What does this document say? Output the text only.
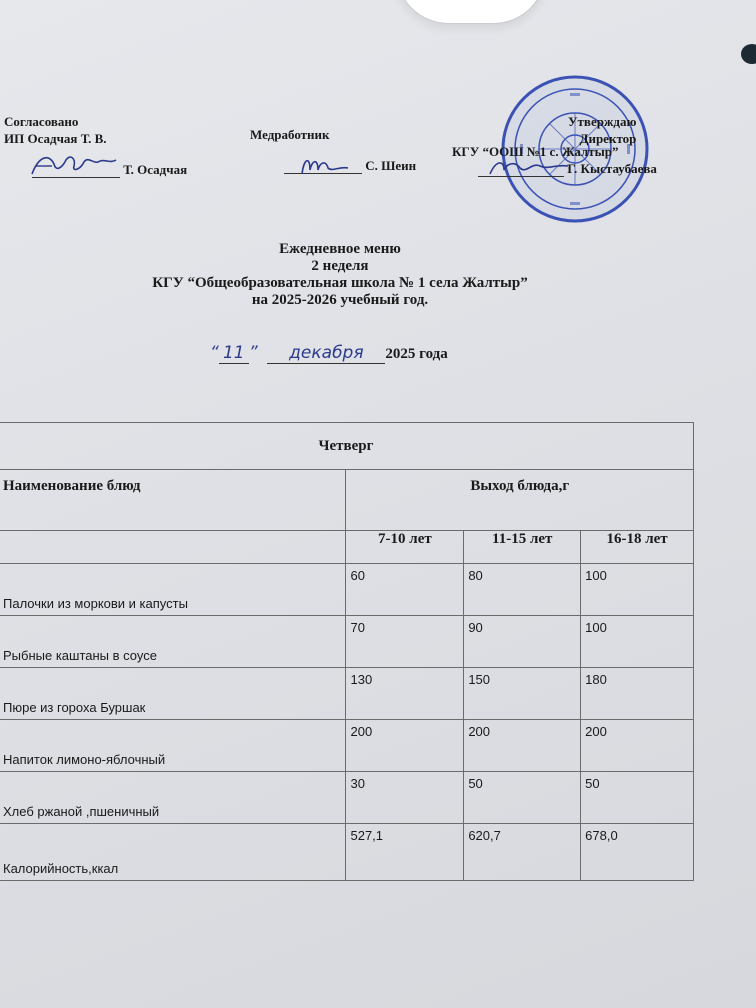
Согласовано
ИП Осадчая Т. В.
Т. Осадчая
Медработник
С. Шеин
Утверждаю
Директор
КГУ “ООШ №1 с. Жалтыр”
Г. Кыстаубаева
Ежедневное меню
2 неделя
КГУ “Общеобразовательная школа № 1 села Жалтыр”
на 2025-2026 учебный год.
“ 11 ” декабря 2025 года
Четверг			
Наименование блюд	Выход блюда,г		
	7-10 лет	11-15 лет	16-18 лет
Палочки из моркови и капусты	60	80	100
Рыбные каштаны в соусе	70	90	100
Пюре из гороха Буршак	130	150	180
Напиток лимоно-яблочный	200	200	200
Хлеб ржаной ,пшеничный	30	50	50
Калорийность,ккал	527,1	620,7	678,0
